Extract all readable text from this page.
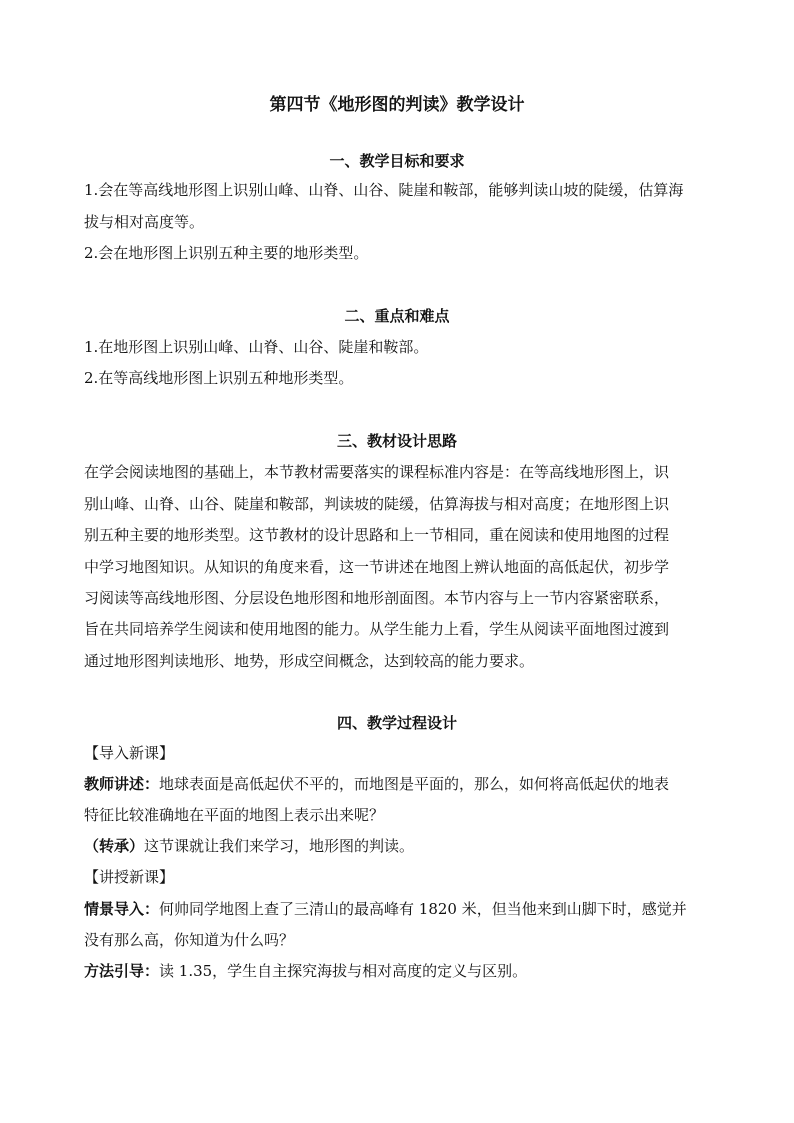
第四节《地形图的判读》教学设计
一、教学目标和要求
1.会在等高线地形图上识别山峰、山脊、山谷、陡崖和鞍部，能够判读山坡的陡缓，估算海
拔与相对高度等。
2.会在地形图上识别五种主要的地形类型。
二、重点和难点
1.在地形图上识别山峰、山脊、山谷、陡崖和鞍部。
2.在等高线地形图上识别五种地形类型。
三、教材设计思路
在学会阅读地图的基础上，本节教材需要落实的课程标准内容是：在等高线地形图上，识
别山峰、山脊、山谷、陡崖和鞍部，判读坡的陡缓，估算海拔与相对高度；在地形图上识
别五种主要的地形类型。这节教材的设计思路和上一节相同，重在阅读和使用地图的过程
中学习地图知识。从知识的角度来看，这一节讲述在地图上辨认地面的高低起伏，初步学
习阅读等高线地形图、分层设色地形图和地形剖面图。本节内容与上一节内容紧密联系，
旨在共同培养学生阅读和使用地图的能力。从学生能力上看，学生从阅读平面地图过渡到
通过地形图判读地形、地势，形成空间概念，达到较高的能力要求。
四、教学过程设计
【导入新课】
教师讲述：地球表面是高低起伏不平的，而地图是平面的，那么，如何将高低起伏的地表
特征比较准确地在平面的地图上表示出来呢？
（转承）这节课就让我们来学习，地形图的判读。
【讲授新课】
情景导入：何帅同学地图上查了三清山的最高峰有 1820 米，但当他来到山脚下时，感觉并
没有那么高，你知道为什么吗？
方法引导：读 1.35，学生自主探究海拔与相对高度的定义与区别。
